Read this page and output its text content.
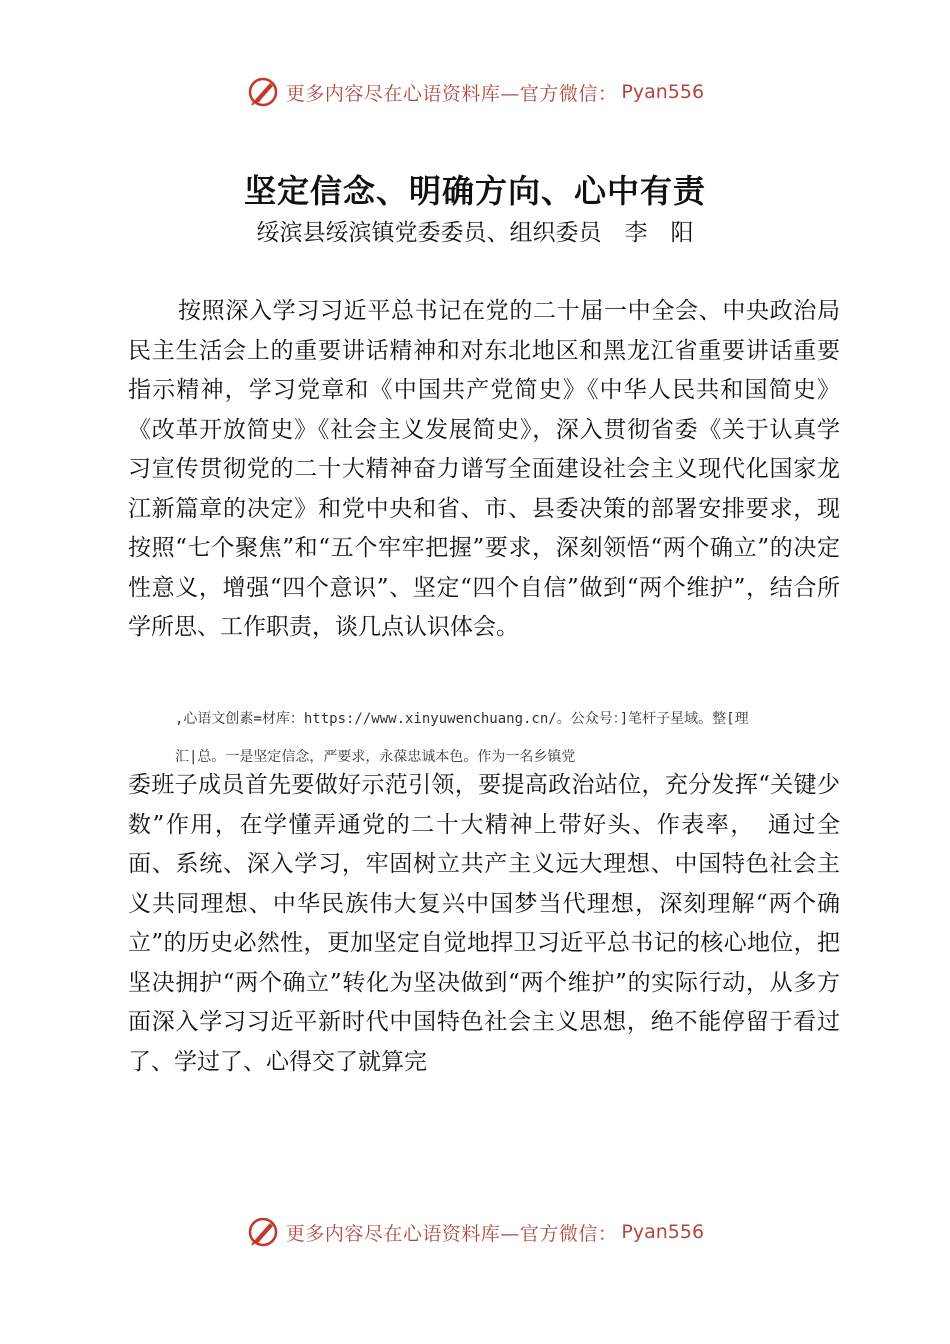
更多内容尽在心语资料库—官方微信： Pyan556
坚定信念、明确方向、心中有责
绥滨县绥滨镇党委委员、组织委员　李　阳

按照深入学习习近平总书记在党的二十届一中全会、中央政治局民主生活会上的重要讲话精神和对东北地区和黑龙江省重要讲话重要指示精神，学习党章和《中国共产党简史》《中华人民共和国简史》《改革开放简史》《社会主义发展简史》，深入贯彻省委《关于认真学习宣传贯彻党的二十大精神奋力谱写全面建设社会主义现代化国家龙江新篇章的决定》和党中央和省、市、县委决策的部署安排要求，现按照“七个聚焦”和“五个牢牢把握”要求，深刻领悟“两个确立”的决定性意义，增强“四个意识”、坚定“四个自信”做到“两个维护”，结合所学所思、工作职责，谈几点认识体会。

,心语文创素=材库：https://www.xinyuwenchuang.cn/。公众号：]笔杆子星域。整[理
汇|总。一是坚定信念，严要求，永葆忠诚本色。作为一名乡镇党

委班子成员首先要做好示范引领，要提高政治站位，充分发挥“关键少数”作用，在学懂弄通党的二十大精神上带好头、作表率，　通过全面、系统、深入学习，牢固树立共产主义远大理想、中国特色社会主义共同理想、中华民族伟大复兴中国梦当代理想，深刻理解“两个确立”的历史必然性，更加坚定自觉地捍卫习近平总书记的核心地位，把坚决拥护“两个确立”转化为坚决做到“两个维护”的实际行动，从多方面深入学习习近平新时代中国特色社会主义思想，绝不能停留于看过了、学过了、心得交了就算完

更多内容尽在心语资料库—官方微信： Pyan556
